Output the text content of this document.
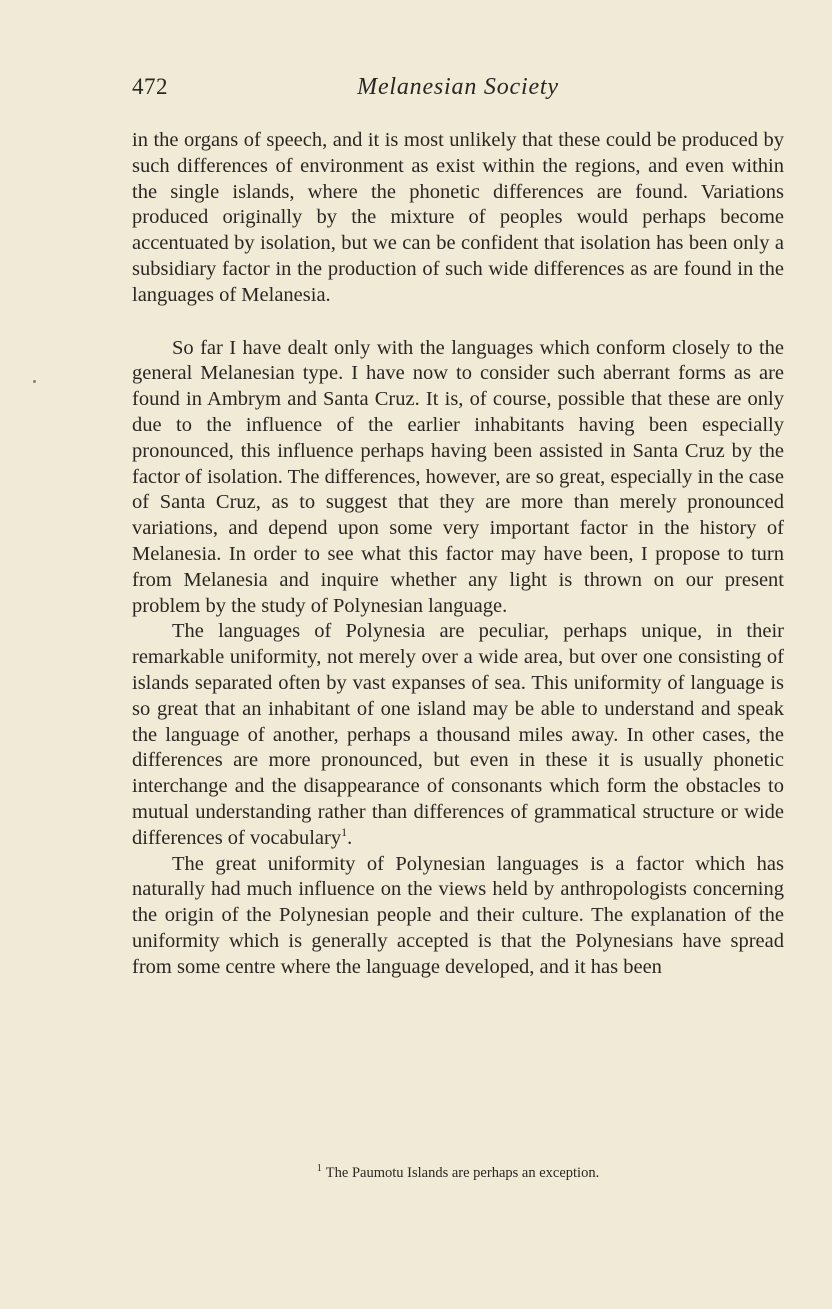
472	Melanesian Society

in the organs of speech, and it is most unlikely that these could be produced by such differences of environment as exist within the regions, and even within the single islands, where the phonetic differences are found. Variations produced originally by the mixture of peoples would perhaps become accentuated by isolation, but we can be confident that isolation has been only a subsidiary factor in the production of such wide differences as are found in the languages of Melanesia.

So far I have dealt only with the languages which conform closely to the general Melanesian type. I have now to consider such aberrant forms as are found in Ambrym and Santa Cruz. It is, of course, possible that these are only due to the influence of the earlier inhabitants having been especially pronounced, this influence perhaps having been assisted in Santa Cruz by the factor of isolation. The differences, however, are so great, especially in the case of Santa Cruz, as to suggest that they are more than merely pronounced variations, and depend upon some very important factor in the history of Melanesia. In order to see what this factor may have been, I propose to turn from Melanesia and inquire whether any light is thrown on our present problem by the study of Polynesian language.

The languages of Polynesia are peculiar, perhaps unique, in their remarkable uniformity, not merely over a wide area, but over one consisting of islands separated often by vast expanses of sea. This uniformity of language is so great that an inhabitant of one island may be able to understand and speak the language of another, perhaps a thousand miles away. In other cases, the differences are more pronounced, but even in these it is usually phonetic interchange and the disappearance of consonants which form the obstacles to mutual understanding rather than differences of grammatical structure or wide differences of vocabulary$^1$.

The great uniformity of Polynesian languages is a factor which has naturally had much influence on the views held by anthropologists concerning the origin of the Polynesian people and their culture. The explanation of the uniformity which is generally accepted is that the Polynesians have spread from some centre where the language developed, and it has been

$^1$ The Paumotu Islands are perhaps an exception.
